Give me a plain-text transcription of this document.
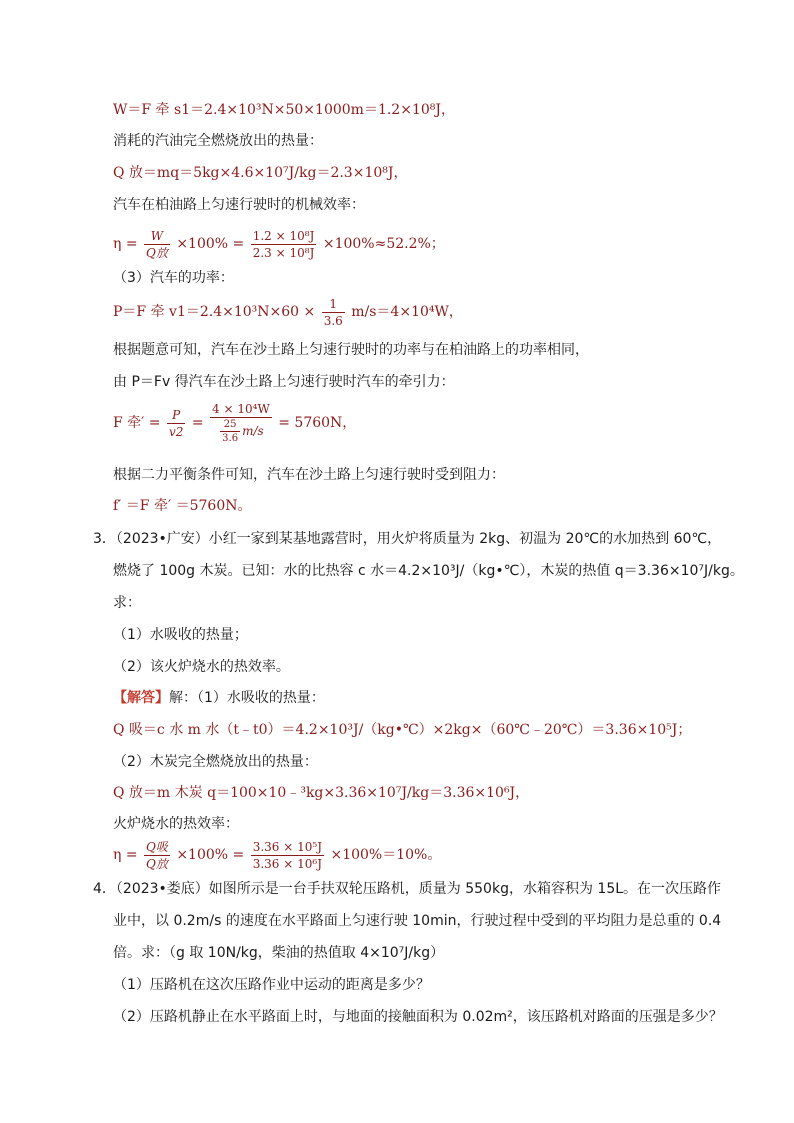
W＝F 牵 s1＝2.4×10³N×50×1000m＝1.2×10⁸J，
消耗的汽油完全燃烧放出的热量：
Q 放＝mq＝5kg×4.6×10⁷J/kg＝2.3×10⁸J，
汽车在柏油路上匀速行驶时的机械效率：
$\eta = \frac{W}{\text{Q放}} \times 100\% = \frac{\text{1.2 × 10⁸J}}{\text{2.3 × 10⁸J}} \times 100\%\approx 52.2\%$；
（3）汽车的功率：
P＝F 牵 $v1=2.4\times 10^3N\times 60 \times \frac{1}{3.6} m/s=4\times 10^4W$，
根据题意可知，汽车在沙土路上匀速行驶时的功率与在柏油路上的功率相同，
由 P＝Fv 得汽车在沙土路上匀速行驶时汽车的牵引力：
F 牵′ = $\frac{P}{v2} = \frac{\text{4 × 10⁴W}}{\frac{25}{3.6} m/s} = 5760N$，
根据二力平衡条件可知，汽车在沙土路上匀速行驶时受到阻力：
f′ ＝F 牵′ ＝5760N。
3．（2023•广安）小红一家到某基地露营时，用火炉将质量为 2kg、初温为 20℃的水加热到 60℃，
燃烧了 100g 木炭。已知：水的比热容 c 水＝4.2×10³J/（kg•℃），木炭的热值 q＝3.36×10⁷J/kg。
求：
（1）水吸收的热量；
（2）该火炉烧水的热效率。
【解答】解：（1）水吸收的热量：
Q 吸＝c 水 m 水（t﹣t0）＝4.2×10³J/（kg•℃）×2kg×（60℃﹣20℃）＝3.36×10⁵J；
（2）木炭完全燃烧放出的热量：
Q 放＝m 木炭 q＝100×10﹣³kg×3.36×10⁷J/kg＝3.36×10⁶J，
火炉烧水的热效率：
$\eta = \frac{\text{Q吸}}{\text{Q放}} \times 100\% = \frac{\text{3.36 × 10⁵J}}{\text{3.36 × 10⁶J}} \times 100\%=10\%$。
4．（2023•娄底）如图所示是一台手扶双轮压路机，质量为 550kg，水箱容积为 15L。在一次压路作
业中，以 0.2m/s 的速度在水平路面上匀速行驶 10min，行驶过程中受到的平均阻力是总重的 0.4
倍。求：（g 取 10N/kg，柴油的热值取 4×10⁷J/kg）
（1）压路机在这次压路作业中运动的距离是多少？
（2）压路机静止在水平路面上时，与地面的接触面积为 0.02m²，该压路机对路面的压强是多少？
